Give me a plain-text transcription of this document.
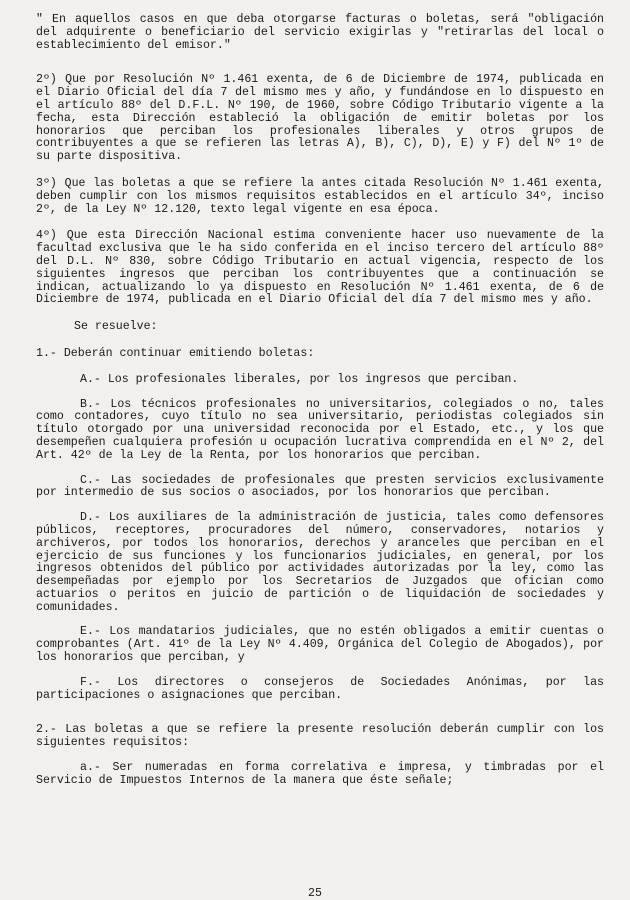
" En aquellos casos en que deba otorgarse facturas o boletas, será "obligación del adquirente o beneficiario del servicio exigirlas y "retirarlas del local o establecimiento del emisor."

2º) Que por Resolución Nº 1.461 exenta, de 6 de Diciembre de 1974, publicada en el Diario Oficial del día 7 del mismo mes y año, y fundándose en lo dispuesto en el artículo 88º del D.F.L. Nº 190, de 1960, sobre Código Tributario vigente a la fecha, esta Dirección estableció la obligación de emitir boletas por los honorarios que perciban los profesionales liberales y otros grupos de contribuyentes a que se refieren las letras A), B), C), D), E) y F) del Nº 1º de su parte dispositiva.

3º) Que las boletas a que se refiere la antes citada Resolución Nº 1.461 exenta, deben cumplir con los mismos requisitos establecidos en el artículo 34º, inciso 2º, de la Ley Nº 12.120, texto legal vigente en esa época.

4º) Que esta Dirección Nacional estima conveniente hacer uso nuevamente de la facultad exclusiva que le ha sido conferida en el inciso tercero del artículo 88º del D.L. Nº 830, sobre Código Tributario en actual vigencia, respecto de los siguientes ingresos que perciban los contribuyentes que a continuación se indican, actualizando lo ya dispuesto en Resolución Nº 1.461 exenta, de 6 de Diciembre de 1974, publicada en el Diario Oficial del día 7 del mismo mes y año.

Se resuelve:

1.- Deberán continuar emitiendo boletas:

A.- Los profesionales liberales, por los ingresos que perciban.

B.- Los técnicos profesionales no universitarios, colegiados o no, tales como contadores, cuyo título no sea universitario, periodistas colegiados sin título otorgado por una universidad reconocida por el Estado, etc., y los que desempeñen cualquiera profesión u ocupación lucrativa comprendida en el Nº 2, del Art. 42º de la Ley de la Renta, por los honorarios que perciban.

C.- Las sociedades de profesionales que presten servicios exclusivamente por intermedio de sus socios o asociados, por los honorarios que perciban.

D.- Los auxiliares de la administración de justicia, tales como defensores públicos, receptores, procuradores del número, conservadores, notarios y archiveros, por todos los honorarios, derechos y aranceles que perciban en el ejercicio de sus funciones y los funcionarios judiciales, en general, por los ingresos obtenidos del público por actividades autorizadas por la ley, como las desempeñadas por ejemplo por los Secretarios de Juzgados que ofician como actuarios o peritos en juicio de partición o de liquidación de sociedades y comunidades.

E.- Los mandatarios judiciales, que no estén obligados a emitir cuentas o comprobantes (Art. 41º de la Ley Nº 4.409, Orgánica del Colegio de Abogados), por los honorarios que perciban, y

F.- Los directores o consejeros de Sociedades Anónimas, por las participaciones o asignaciones que perciban.

2.- Las boletas a que se refiere la presente resolución deberán cumplir con los siguientes requisitos:

a.- Ser numeradas en forma correlativa e impresa, y timbradas por el Servicio de Impuestos Internos de la manera que éste señale;

25
